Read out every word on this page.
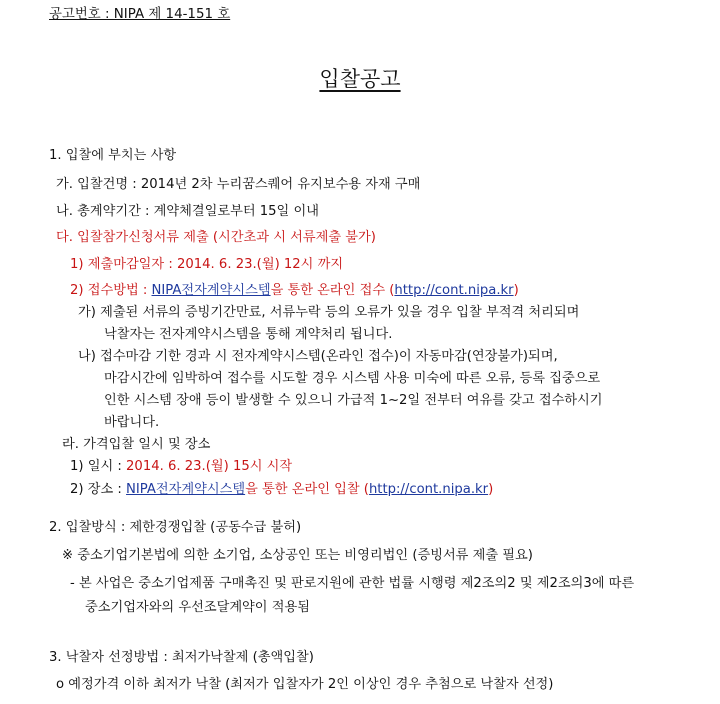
공고번호 : NIPA 제 14-151 호
입찰공고
1. 입찰에 부치는 사항
가. 입찰건명 : 2014년 2차 누리꿈스퀘어 유지보수용 자재 구매
나. 총계약기간 : 계약체결일로부터 15일 이내
다. 입찰참가신청서류 제출 (시간초과 시 서류제출 불가)
1) 제출마감일자 : 2014. 6. 23.(월) 12시 까지
2) 접수방법 : NIPA전자계약시스템을 통한 온라인 접수 (http://cont.nipa.kr)
가) 제출된 서류의 증빙기간만료, 서류누락 등의 오류가 있을 경우 입찰 부적격 처리되며
낙찰자는 전자계약시스템을 통해 계약처리 됩니다.
나) 접수마감 기한 경과 시 전자계약시스템(온라인 접수)이 자동마감(연장불가)되며,
마감시간에 임박하여 접수를 시도할 경우 시스템 사용 미숙에 따른 오류, 등록 집중으로
인한 시스템 장애 등이 발생할 수 있으니 가급적 1~2일 전부터 여유를 갖고 접수하시기
바랍니다.
라. 가격입찰 일시 및 장소
1) 일시 : 2014. 6. 23.(월) 15시 시작
2) 장소 : NIPA전자계약시스템을 통한 온라인 입찰 (http://cont.nipa.kr)
2. 입찰방식 : 제한경쟁입찰 (공동수급 불허)
※ 중소기업기본법에 의한 소기업, 소상공인 또는 비영리법인 (증빙서류 제출 필요)
- 본 사업은 중소기업제품 구매촉진 및 판로지원에 관한 법률 시행령 제2조의2 및 제2조의3에 따른
중소기업자와의 우선조달계약이 적용됨
3. 낙찰자 선정방법 : 최저가낙찰제 (총액입찰)
o 예정가격 이하 최저가 낙찰 (최저가 입찰자가 2인 이상인 경우 추첨으로 낙찰자 선정)
